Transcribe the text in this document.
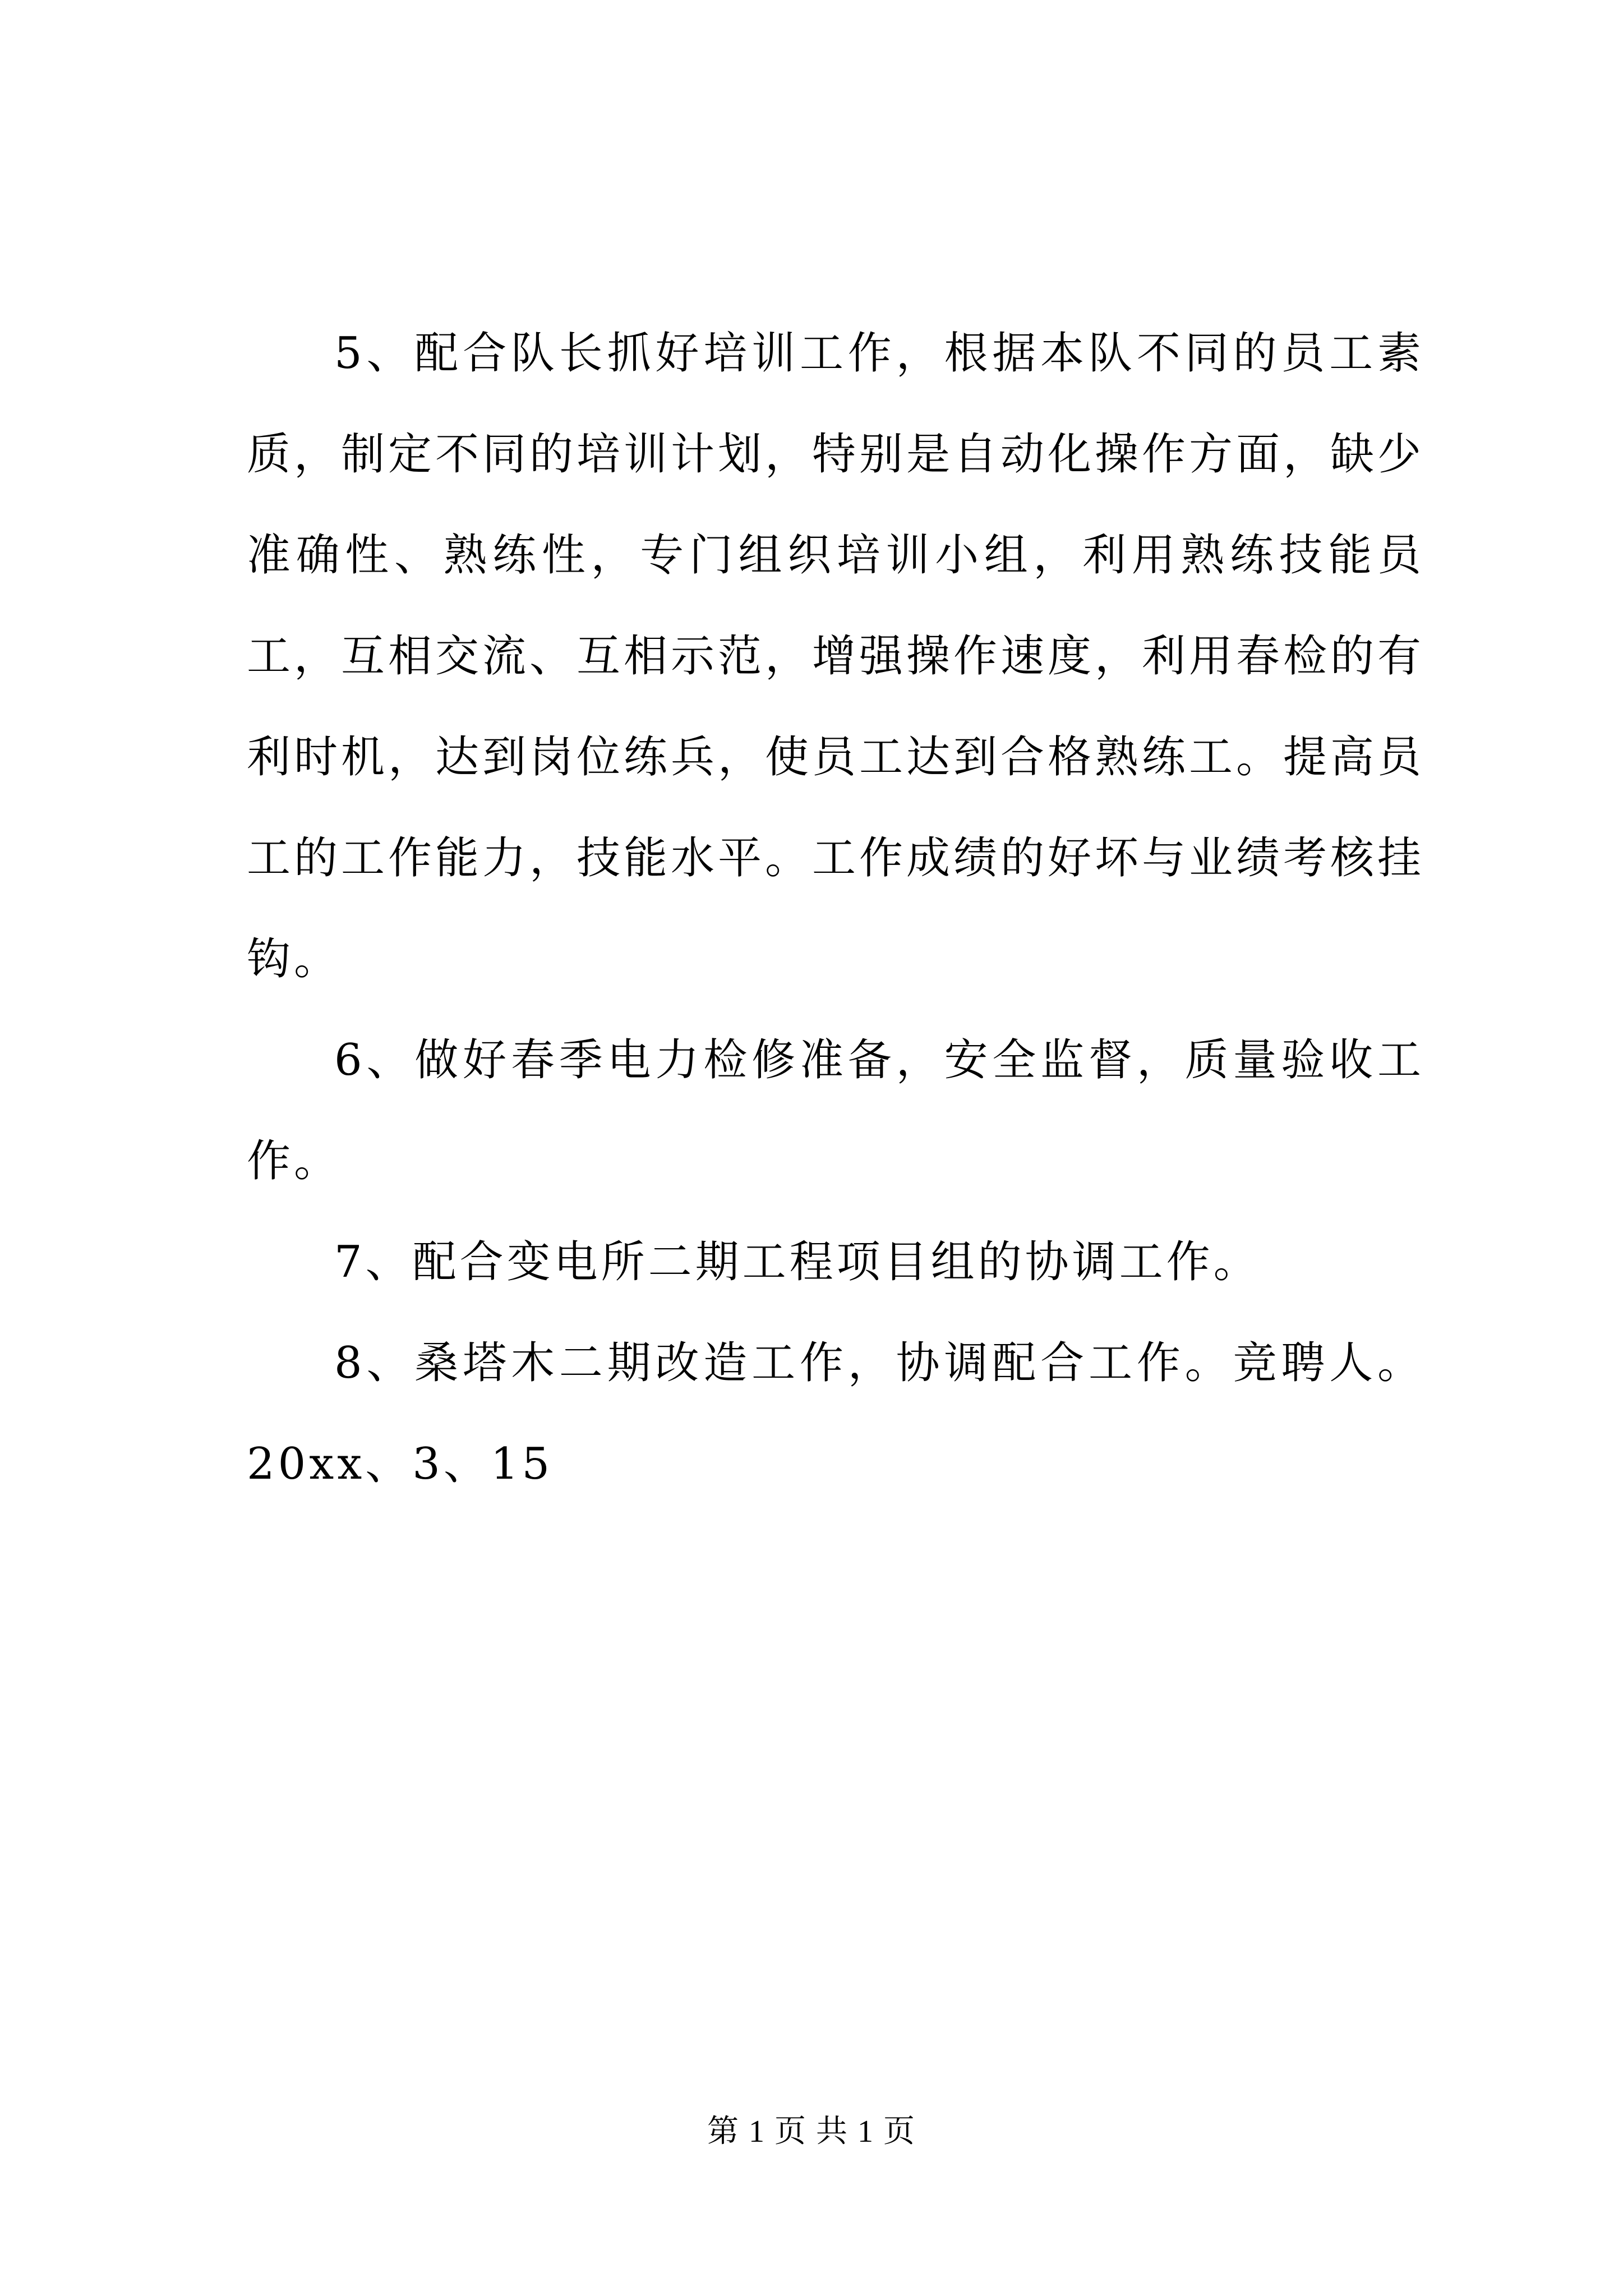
5、配合队长抓好培训工作，根据本队不同的员工素质，制定不同的培训计划，特别是自动化操作方面，缺少准确性、熟练性，专门组织培训小组，利用熟练技能员工，互相交流、互相示范，增强操作速度，利用春检的有利时机，达到岗位练兵，使员工达到合格熟练工。提高员工的工作能力，技能水平。工作成绩的好坏与业绩考核挂钩。

6、做好春季电力检修准备，安全监督，质量验收工作。

7、配合变电所二期工程项目组的协调工作。

8、桑塔木二期改造工作，协调配合工作。竞聘人。20xx、3、15

第 1 页 共 1 页
